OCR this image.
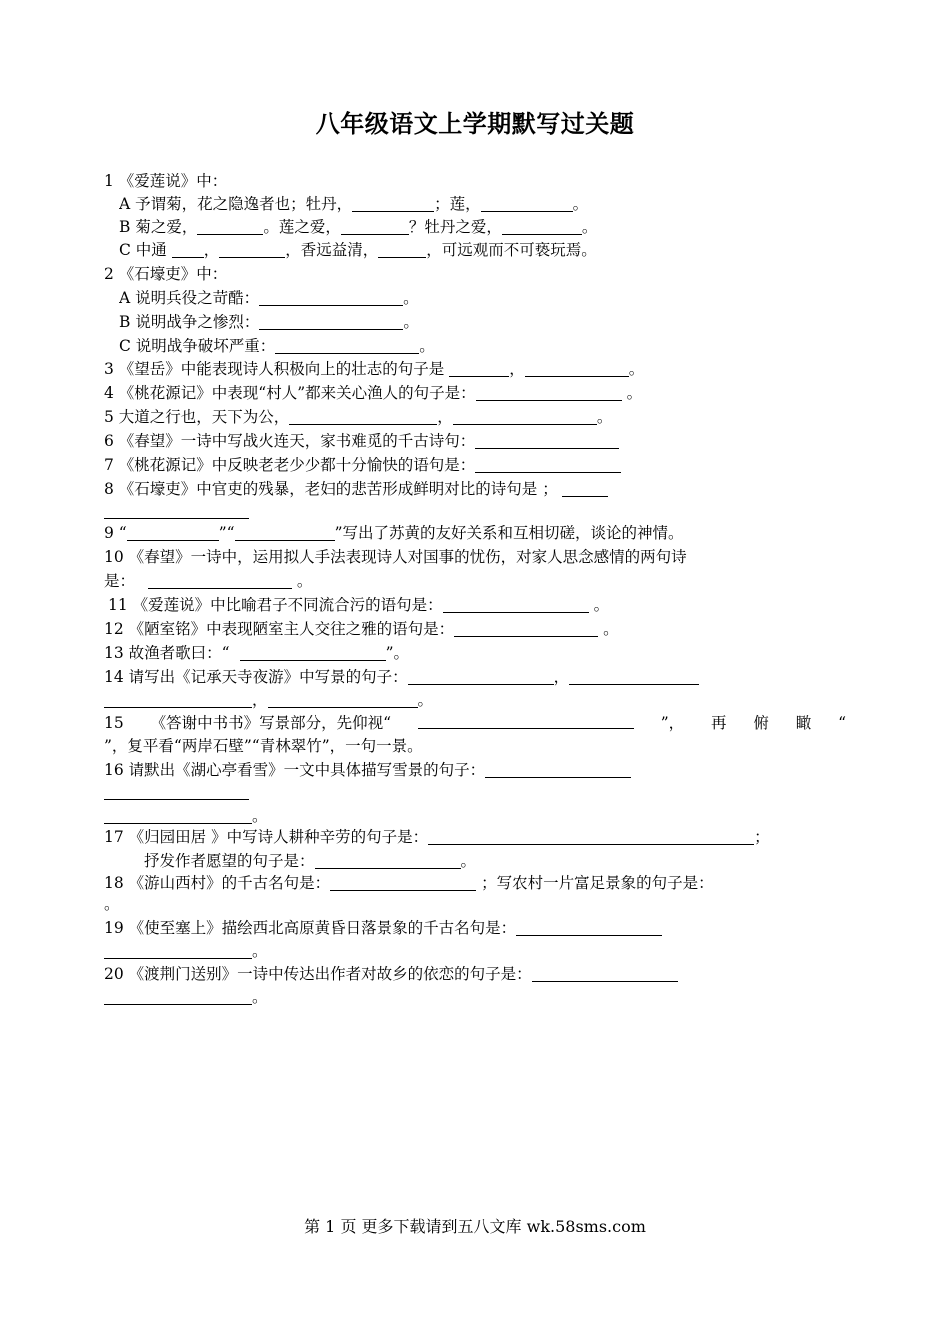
八年级语文上学期默写过关题
1 《爱莲说》中：
A 予谓菊，花之隐逸者也；牡丹，	；莲，	。
B 菊之爱，	。莲之爱，	？牡丹之爱，	。
C 中通 ，	，香远益清，	，可远观而不可亵玩焉。
2 《石壕吏》中：
A 说明兵役之苛酷：	。
B 说明战争之惨烈：	。
C 说明战争破坏严重：	。
3 《望岳》中能表现诗人积极向上的壮志的句子是	，	。
4 《桃花源记》中表现“村人”都来关心渔人的句子是：	。
5 大道之行也，天下为公，	，	。
6 《春望》一诗中写战火连天，家书难觅的千古诗句：
7 《桃花源记》中反映老老少少都十分愉快的语句是：
8 《石壕吏》中官吏的残暴，老妇的悲苦形成鲜明对比的诗句是 ；
9 “	”“	”写出了苏黄的友好关系和互相切磋，谈论的神情。
10 《春望》一诗中，运用拟人手法表现诗人对国事的忧伤，对家人思念感情的两句诗
是：	。
11 《爱莲说》中比喻君子不同流合污的语句是：	。
12 《陋室铭》中表现陋室主人交往之雅的语句是：	。
13 故渔者歌曰：“	”。
14 请写出《记承天寺夜游》中写景的句子：	，
，	。
15 《答谢中书书》写景部分，先仰视“	”， 再 俯 瞰 “
”，复平看“两岸石壁”“青林翠竹”，一句一景。
16 请默出《湖心亭看雪》一文中具体描写雪景的句子：
。
17 《归园田居 》中写诗人耕种辛劳的句子是：	；
抒发作者愿望的句子是：	。
18 《游山西村》的千古名句是：	；写农村一片富足景象的句子是：
。
19 《使至塞上》描绘西北高原黄昏日落景象的千古名句是：
。
20 《渡荆门送别》一诗中传达出作者对故乡的依恋的句子是：
。
第 1 页 更多下载请到五八文库 wk.58sms.com
